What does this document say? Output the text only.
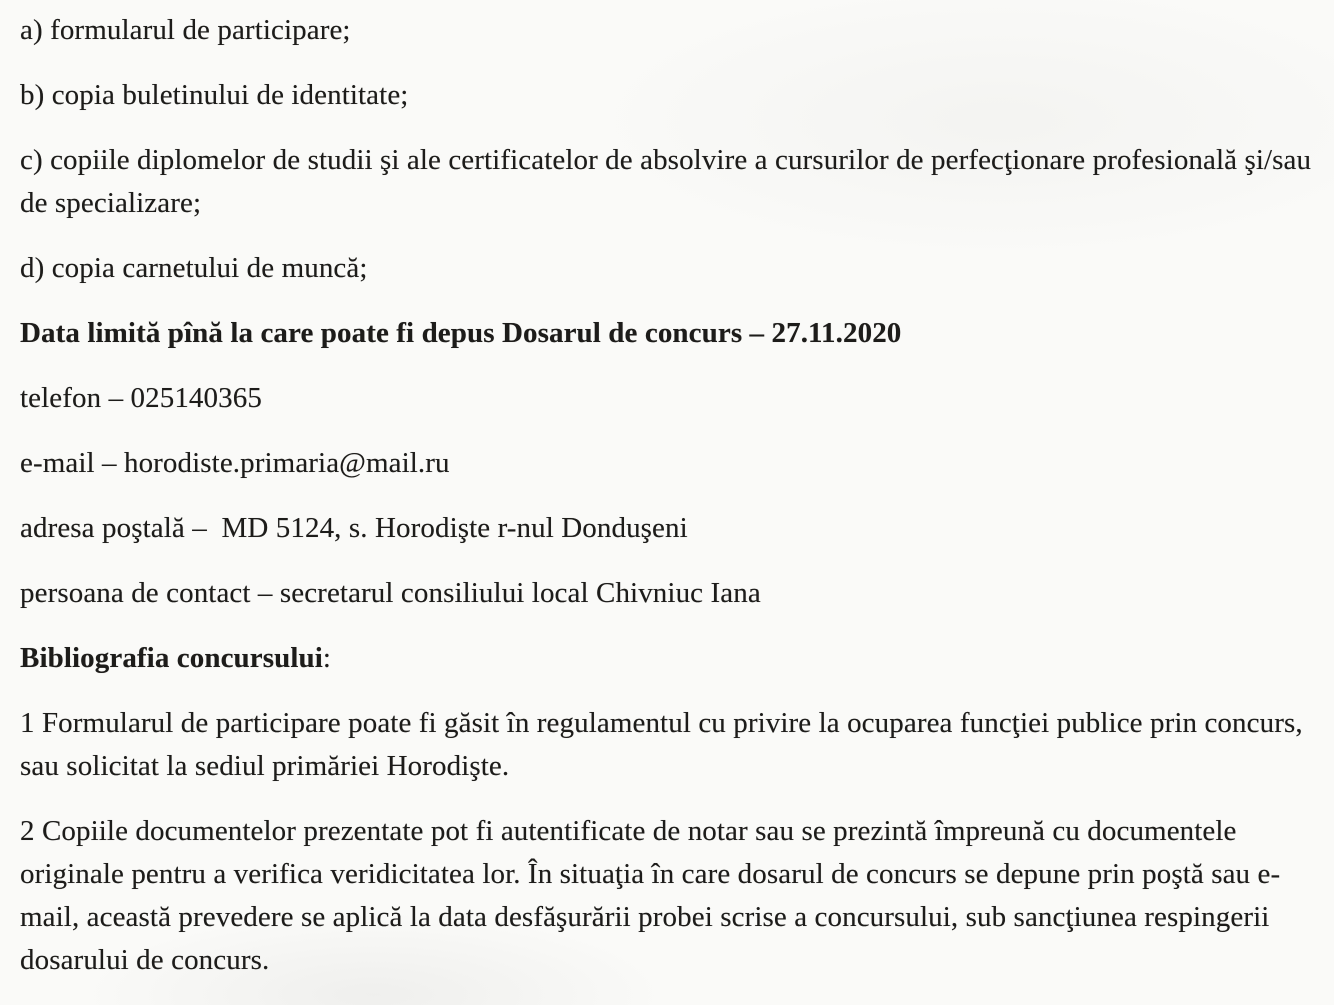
a) formularul de participare;

b) copia buletinului de identitate;

c) copiile diplomelor de studii şi ale certificatelor de absolvire a cursurilor de perfecţionare profesională şi/sau de specializare;

d) copia carnetului de muncă;

Data limită pînă la care poate fi depus Dosarul de concurs – 27.11.2020

telefon – 025140365

e-mail – horodiste.primaria@mail.ru

adresa poştală –  MD 5124, s. Horodişte r-nul Donduşeni

persoana de contact – secretarul consiliului local Chivniuc Iana

Bibliografia concursului:

1 Formularul de participare poate fi găsit în regulamentul cu privire la ocuparea funcţiei publice prin concurs, sau solicitat la sediul primăriei Horodişte.

2 Copiile documentelor prezentate pot fi autentificate de notar sau se prezintă împreună cu documentele originale pentru a verifica veridicitatea lor. În situaţia în care dosarul de concurs se depune prin poştă sau e-mail, această prevedere se aplică la data desfăşurării probei scrise a concursului, sub sancţiunea respingerii dosarului de concurs.
